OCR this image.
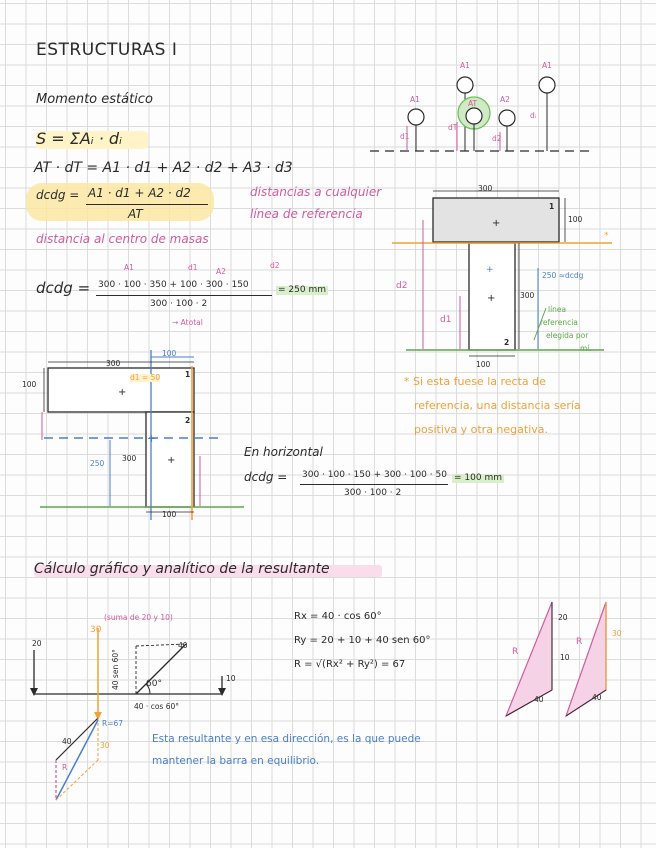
ESTRUCTURAS I
Momento estático
S = ΣAᵢ · dᵢ
AT · dT = A1 · d1 + A2 · d2 + A3 · d3
dcdg = A1 · d1 + A2 · d2
AT
distancias a cualquier
línea de referencia
distancia al centro de masas
A1	d1 A2
d2
dcdg = 300 · 100 · 350 + 100 · 300 · 150
300 · 100 · 2
= 250 mm
→ Atotal
A1	A1
A1	AT	A2
d1
dT
d2
dᵢ
+
+
+
300
100
300
100
1
2
250 ≈dcdg
d2
d1
línea
referencia
elegida por
mí.
*
* Si esta fuese la recta de
referencia, una distancia sería
positiva y otra negativa.
+
+
+
300
100
100
300
250
100
d1 = 50	1
2
En horizontal
dcdg = 300 · 100 · 150 + 300 · 100 · 50
300 · 100 · 2
= 100 mm
Cálculo gráfico y analítico de la resultante
Rx = 40 · cos 60°
Ry = 20 + 10 + 40 sen 60°
R = √(Rx² + Ry²) = 67
(suma de 20 y 10)
30
20	40
10
60°
40 sen 60°
40 · cos 60°
R=67
40	30
R
20
10
40
30
40
R
R
Esta resultante y en esa dirección, es la que puede
mantener la barra en equilibrio.
